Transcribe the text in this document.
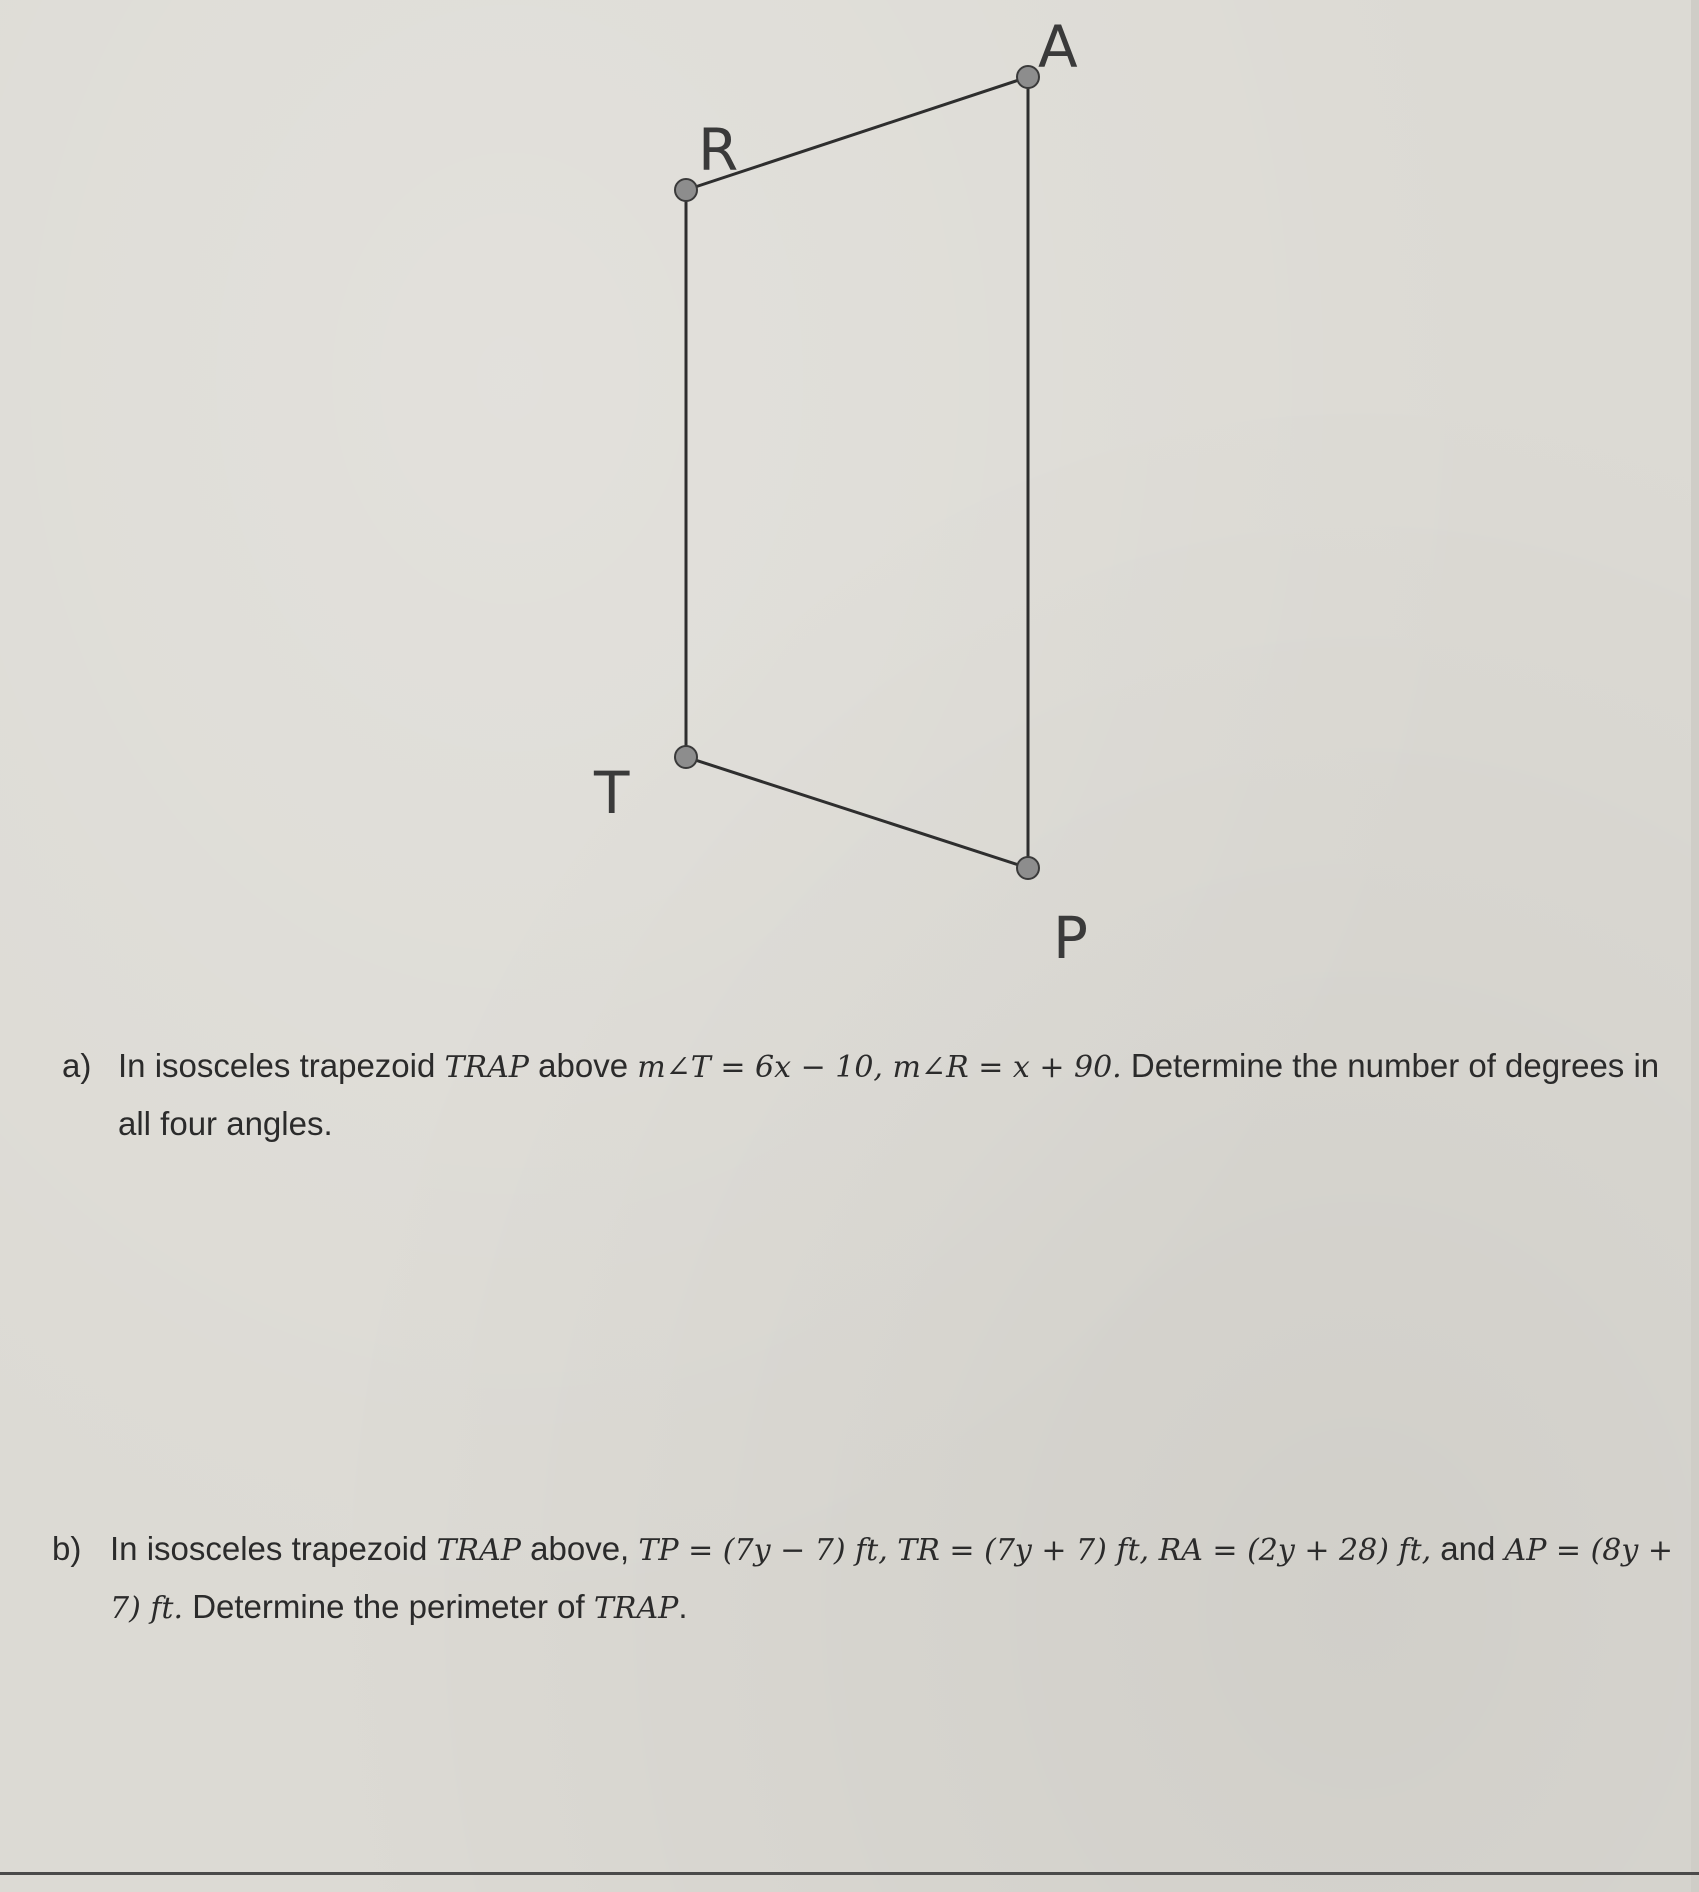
R
A
T
P
a) In isosceles trapezoid TRAP above m∠T = 6x − 10, m∠R = x + 90. Determine the number of degrees in all four angles.
b) In isosceles trapezoid TRAP above, TP = (7y − 7) ft, TR = (7y + 7) ft, RA = (2y + 28) ft, and AP = (8y + 7) ft. Determine the perimeter of TRAP.
